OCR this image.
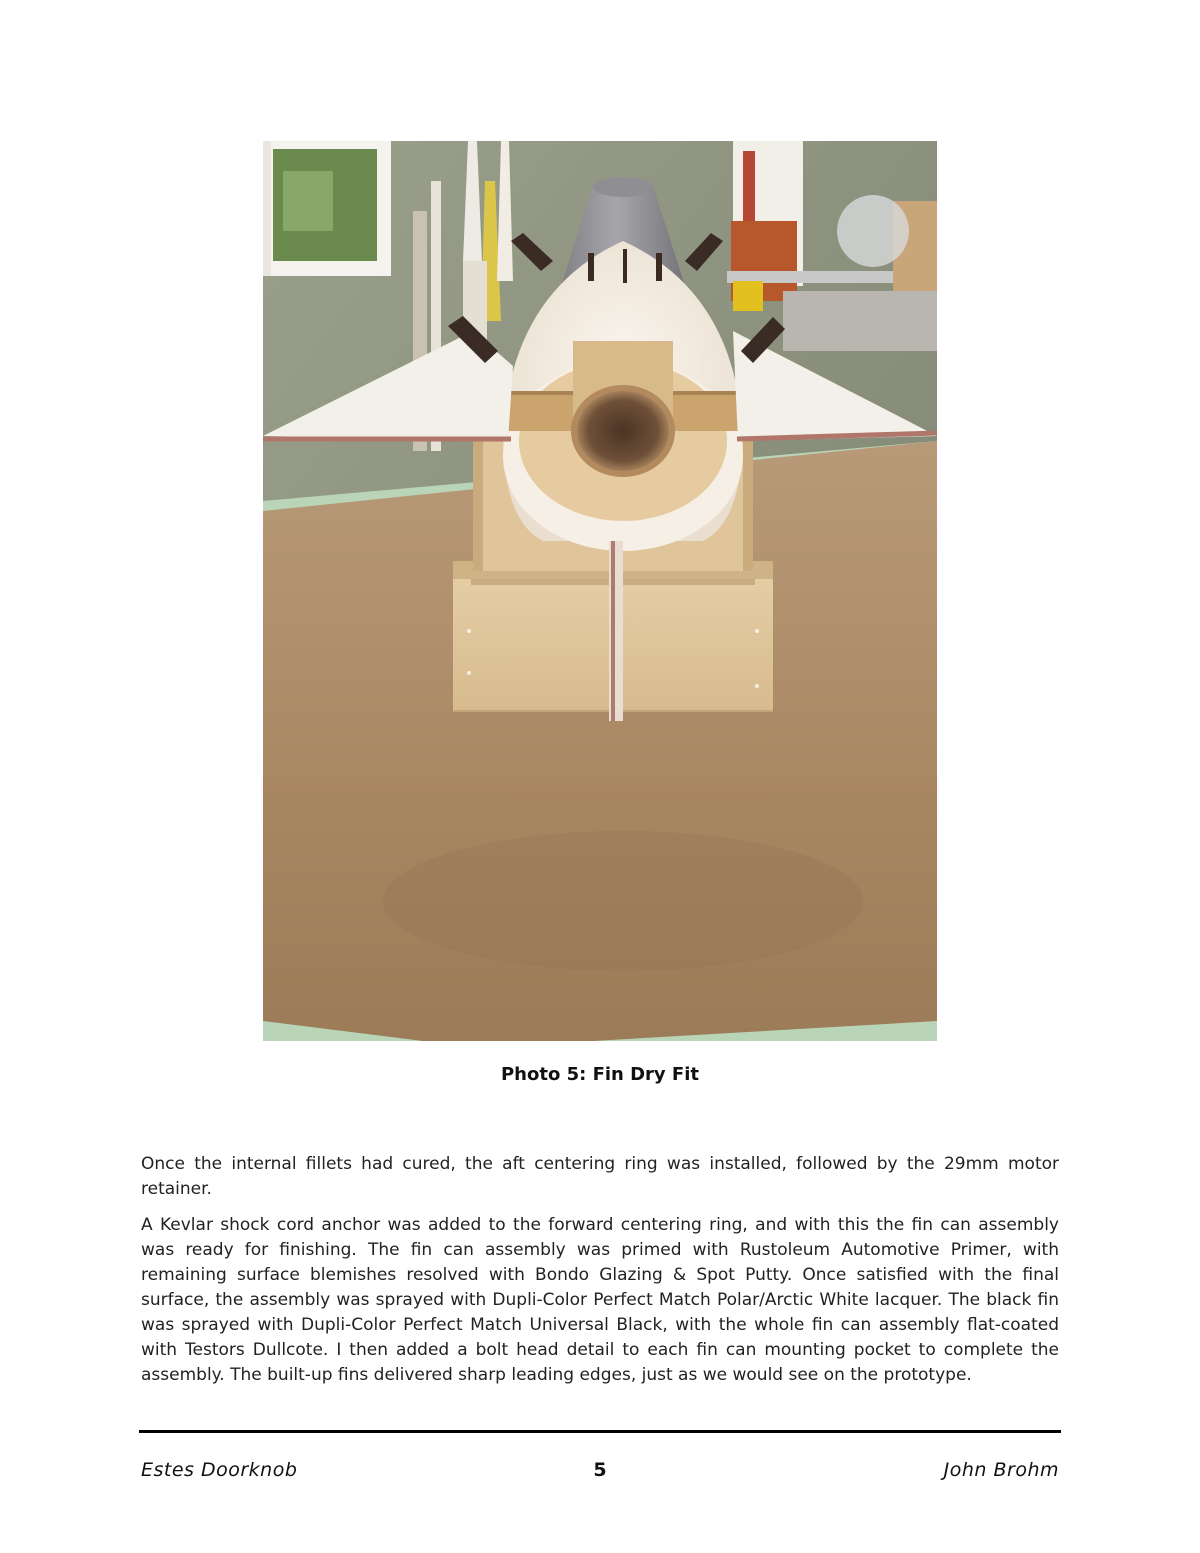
Photo 5: Fin Dry Fit

Once the internal fillets had cured, the aft centering ring was installed, followed by the 29mm motor retainer.

A Kevlar shock cord anchor was added to the forward centering ring, and with this the fin can assembly was ready for finishing. The fin can assembly was primed with Rustoleum Automotive Primer, with remaining surface blemishes resolved with Bondo Glazing & Spot Putty. Once satisfied with the final surface, the assembly was sprayed with Dupli-Color Perfect Match Polar/Arctic White lacquer. The black fin was sprayed with Dupli-Color Perfect Match Universal Black, with the whole fin can assembly flat-coated with Testors Dullcote. I then added a bolt head detail to each fin can mounting pocket to complete the assembly. The built-up fins delivered sharp leading edges, just as we would see on the prototype.

Estes Doorknob	5	John Brohm
